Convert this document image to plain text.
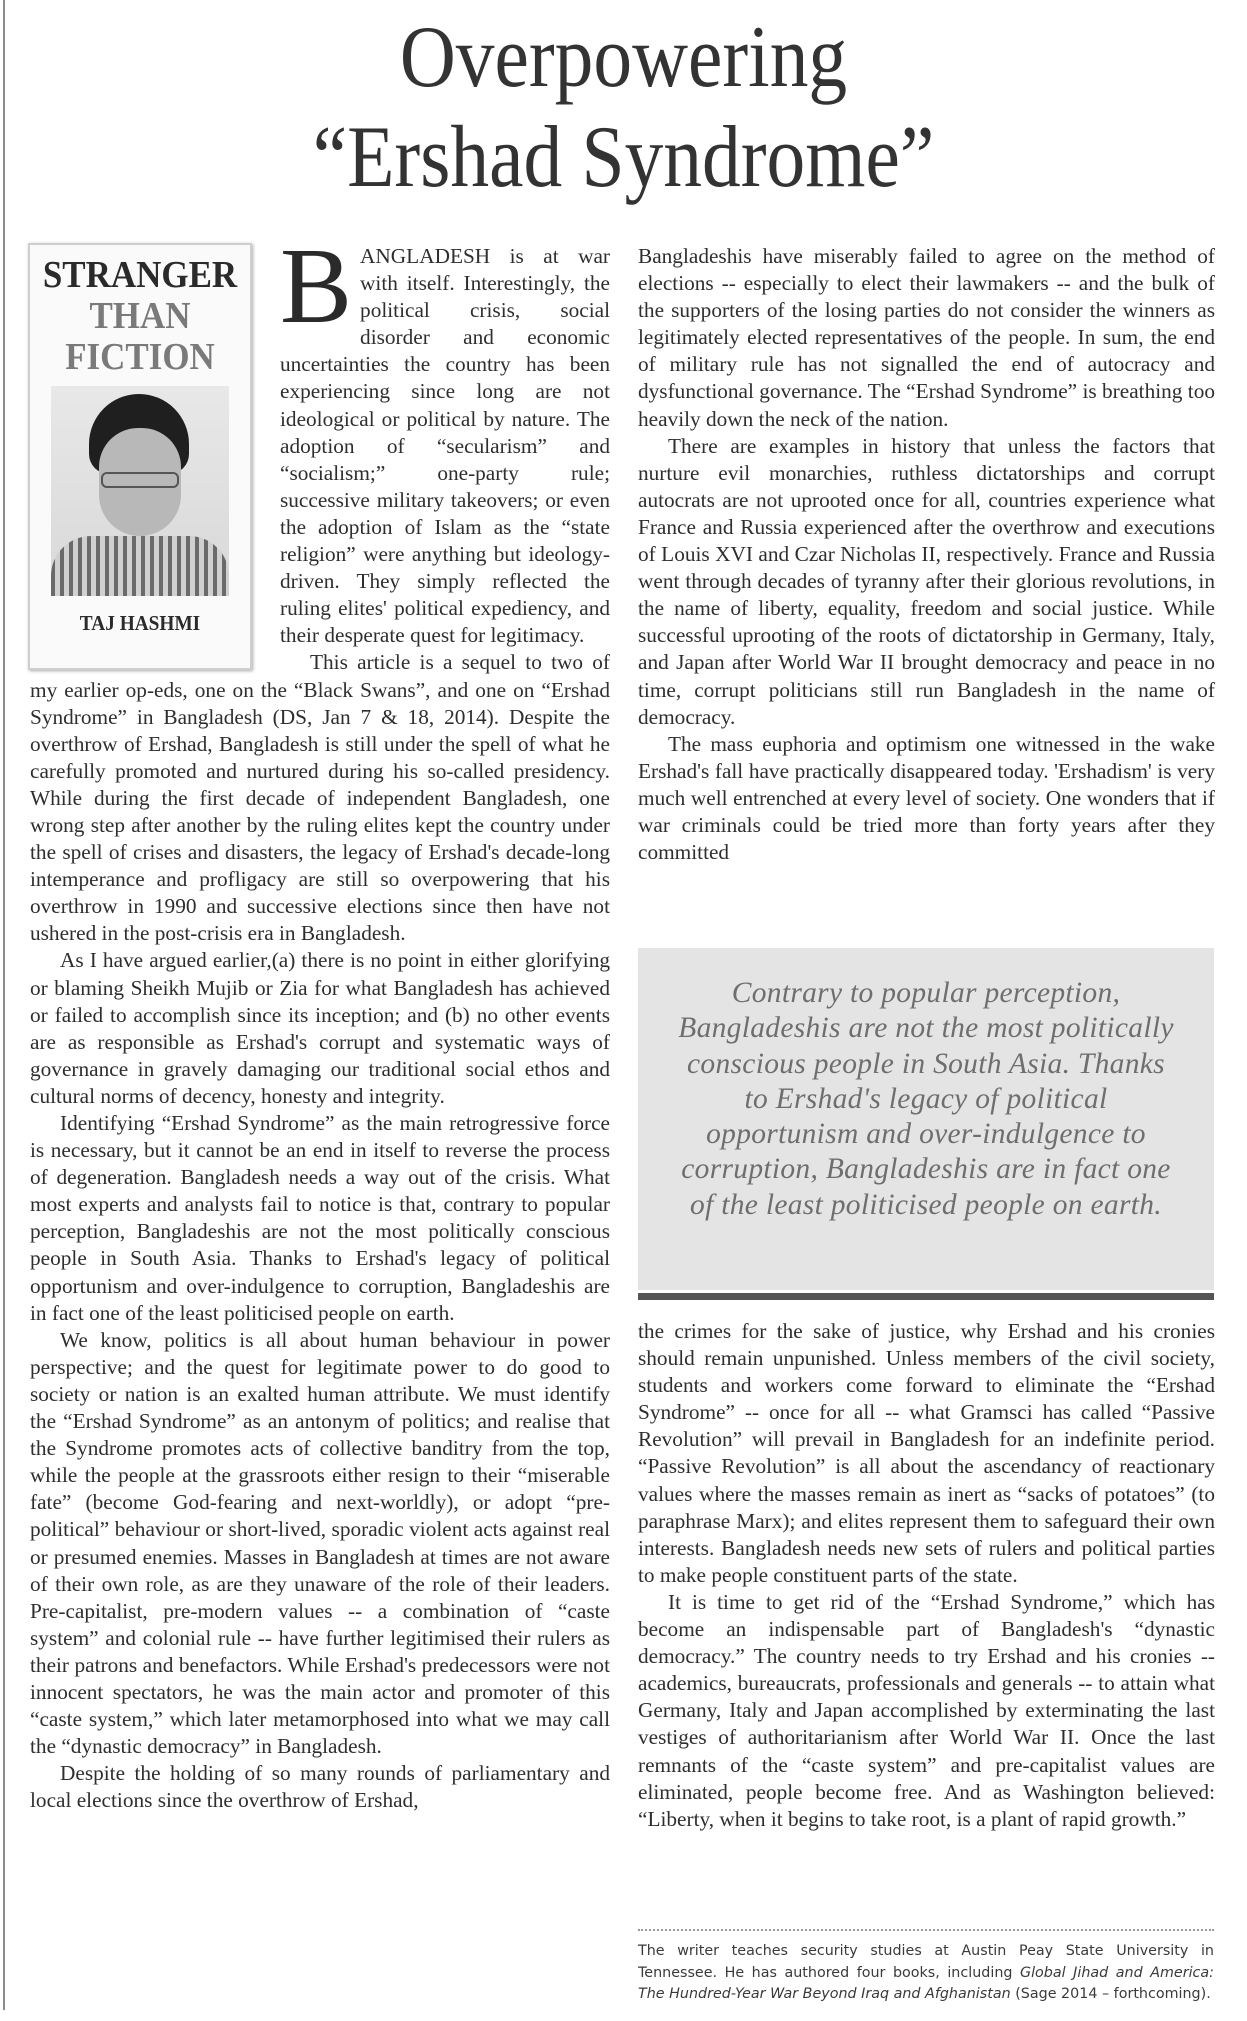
Overpowering
“Ershad Syndrome”

Contrary to popular perception, Bangladeshis are not the most politically conscious people in South Asia. Thanks to Ershad's legacy of political opportunism and over-indulgence to corruption, Bangladeshis are in fact one of the least politicised people on earth.

STRANGER
THAN
FICTION
TAJ HASHMI

BANGLADESH is at war with itself. Interestingly, the political crisis, social disorder and economic uncertainties the country has been experiencing since long are not ideological or political by nature. The adoption of “secularism” and “socialism;” one-party rule; successive military takeovers; or even the adoption of Islam as the “state religion” were anything but ideology-driven. They simply reflected the ruling elites' political expediency, and their desperate quest for legitimacy.

This article is a sequel to two of my earlier op-eds, one on the “Black Swans”, and one on “Ershad Syndrome” in Bangladesh (DS, Jan 7 & 18, 2014). Despite the overthrow of Ershad, Bangladesh is still under the spell of what he carefully promoted and nurtured during his so-called presidency. While during the first decade of independent Bangladesh, one wrong step after another by the ruling elites kept the country under the spell of crises and disasters, the legacy of Ershad's decade-long intemperance and profligacy are still so overpowering that his overthrow in 1990 and successive elections since then have not ushered in the post-crisis era in Bangladesh.

As I have argued earlier,(a) there is no point in either glorifying or blaming Sheikh Mujib or Zia for what Bangladesh has achieved or failed to accomplish since its inception; and (b) no other events are as responsible as Ershad's corrupt and systematic ways of governance in gravely damaging our traditional social ethos and cultural norms of decency, honesty and integrity.

Identifying “Ershad Syndrome” as the main retrogressive force is necessary, but it cannot be an end in itself to reverse the process of degeneration. Bangladesh needs a way out of the crisis. What most experts and analysts fail to notice is that, contrary to popular perception, Bangladeshis are not the most politically conscious people in South Asia. Thanks to Ershad's legacy of political opportunism and over-indulgence to corruption, Bangladeshis are in fact one of the least politicised people on earth.

We know, politics is all about human behaviour in power perspective; and the quest for legitimate power to do good to society or nation is an exalted human attribute. We must identify the “Ershad Syndrome” as an antonym of politics; and realise that the Syndrome promotes acts of collective banditry from the top, while the people at the grassroots either resign to their “miserable fate” (become God-fearing and next-worldly), or adopt “pre-political” behaviour or short-lived, sporadic violent acts against real or presumed enemies. Masses in Bangladesh at times are not aware of their own role, as are they unaware of the role of their leaders. Pre-capitalist, pre-modern values -- a combination of “caste system” and colonial rule -- have further legitimised their rulers as their patrons and benefactors. While Ershad's predecessors were not innocent spectators, he was the main actor and promoter of this “caste system,” which later metamorphosed into what we may call the “dynastic democracy” in Bangladesh.

Despite the holding of so many rounds of parliamentary and local elections since the overthrow of Ershad,

Bangladeshis have miserably failed to agree on the method of elections -- especially to elect their lawmakers -- and the bulk of the supporters of the losing parties do not consider the winners as legitimately elected representatives of the people. In sum, the end of military rule has not signalled the end of autocracy and dysfunctional governance. The “Ershad Syndrome” is breathing too heavily down the neck of the nation.

There are examples in history that unless the factors that nurture evil monarchies, ruthless dictatorships and corrupt autocrats are not uprooted once for all, countries experience what France and Russia experienced after the overthrow and executions of Louis XVI and Czar Nicholas II, respectively. France and Russia went through decades of tyranny after their glorious revolutions, in the name of liberty, equality, freedom and social justice. While successful uprooting of the roots of dictatorship in Germany, Italy, and Japan after World War II brought democracy and peace in no time, corrupt politicians still run Bangladesh in the name of democracy.

The mass euphoria and optimism one witnessed in the wake Ershad's fall have practically disappeared today. 'Ershadism' is very much well entrenched at every level of society. One wonders that if war criminals could be tried more than forty years after they committed

the crimes for the sake of justice, why Ershad and his cronies should remain unpunished. Unless members of the civil society, students and workers come forward to eliminate the “Ershad Syndrome” -- once for all -- what Gramsci has called “Passive Revolution” will prevail in Bangladesh for an indefinite period. “Passive Revolution” is all about the ascendancy of reactionary values where the masses remain as inert as “sacks of potatoes” (to paraphrase Marx); and elites represent them to safeguard their own interests. Bangladesh needs new sets of rulers and political parties to make people constituent parts of the state.

It is time to get rid of the “Ershad Syndrome,” which has become an indispensable part of Bangladesh's “dynastic democracy.” The country needs to try Ershad and his cronies -- academics, bureaucrats, professionals and generals -- to attain what Germany, Italy and Japan accomplished by exterminating the last vestiges of authoritarianism after World War II. Once the last remnants of the “caste system” and pre-capitalist values are eliminated, people become free. And as Washington believed: “Liberty, when it begins to take root, is a plant of rapid growth.”

The writer teaches security studies at Austin Peay State University in Tennessee. He has authored four books, including Global Jihad and America: The Hundred-Year War Beyond Iraq and Afghanistan (Sage 2014 – forthcoming).
